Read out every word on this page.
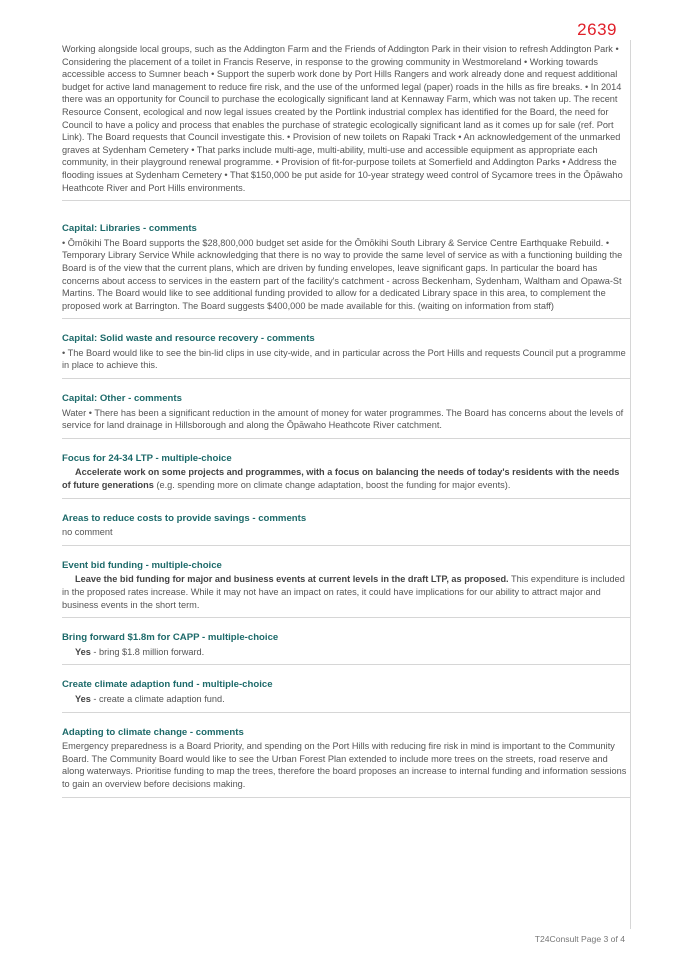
2639

Working alongside local groups, such as the Addington Farm and the Friends of Addington Park in their vision to refresh Addington Park • Considering the placement of a toilet in Francis Reserve, in response to the growing community in Westmoreland • Working towards accessible access to Sumner beach • Support the superb work done by Port Hills Rangers and work already done and request additional budget for active land management to reduce fire risk, and the use of the unformed legal (paper) roads in the hills as fire breaks. • In 2014 there was an opportunity for Council to purchase the ecologically significant land at Kennaway Farm, which was not taken up. The recent Resource Consent, ecological and now legal issues created by the Portlink industrial complex has identified for the Board, the need for Council to have a policy and process that enables the purchase of strategic ecologically significant land as it comes up for sale (ref. Port Link). The Board requests that Council investigate this. • Provision of new toilets on Rapaki Track • An acknowledgement of the unmarked graves at Sydenham Cemetery • That parks include multi-age, multi-ability, multi-use and accessible equipment as appropriate each community, in their playground renewal programme. • Provision of fit-for-purpose toilets at Somerfield and Addington Parks • Address the flooding issues at Sydenham Cemetery • That $150,000 be put aside for 10-year strategy weed control of Sycamore trees in the Ōpāwaho Heathcote River and Port Hills environments.

Capital: Libraries - comments

• Ōmōkihi The Board supports the $28,800,000 budget set aside for the Ōmōkihi South Library & Service Centre Earthquake Rebuild. • Temporary Library Service While acknowledging that there is no way to provide the same level of service as with a functioning building the Board is of the view that the current plans, which are driven by funding envelopes, leave significant gaps. In particular the board has concerns about access to services in the eastern part of the facility's catchment - across Beckenham, Sydenham, Waltham and Opawa-St Martins. The Board would like to see additional funding provided to allow for a dedicated Library space in this area, to complement the proposed work at Barrington. The Board suggests $400,000 be made available for this. (waiting on information from staff)

Capital: Solid waste and resource recovery - comments

• The Board would like to see the bin-lid clips in use city-wide, and in particular across the Port Hills and requests Council put a programme in place to achieve this.

Capital: Other - comments

Water • There has been a significant reduction in the amount of money for water programmes. The Board has concerns about the levels of service for land drainage in Hillsborough and along the Ōpāwaho Heathcote River catchment.

Focus for 24-34 LTP - multiple-choice

Accelerate work on some projects and programmes, with a focus on balancing the needs of today's residents with the needs of future generations (e.g. spending more on climate change adaptation, boost the funding for major events).

Areas to reduce costs to provide savings - comments

no comment

Event bid funding - multiple-choice

Leave the bid funding for major and business events at current levels in the draft LTP, as proposed. This expenditure is included in the proposed rates increase. While it may not have an impact on rates, it could have implications for our ability to attract major and business events in the short term.

Bring forward $1.8m for CAPP - multiple-choice

Yes - bring $1.8 million forward.

Create climate adaption fund - multiple-choice

Yes - create a climate adaption fund.

Adapting to climate change - comments

Emergency preparedness is a Board Priority, and spending on the Port Hills with reducing fire risk in mind is important to the Community Board. The Community Board would like to see the Urban Forest Plan extended to include more trees on the streets, road reserve and along waterways. Prioritise funding to map the trees, therefore the board proposes an increase to internal funding and information sessions to gain an overview before decisions making.

T24Consult Page 3 of 4
